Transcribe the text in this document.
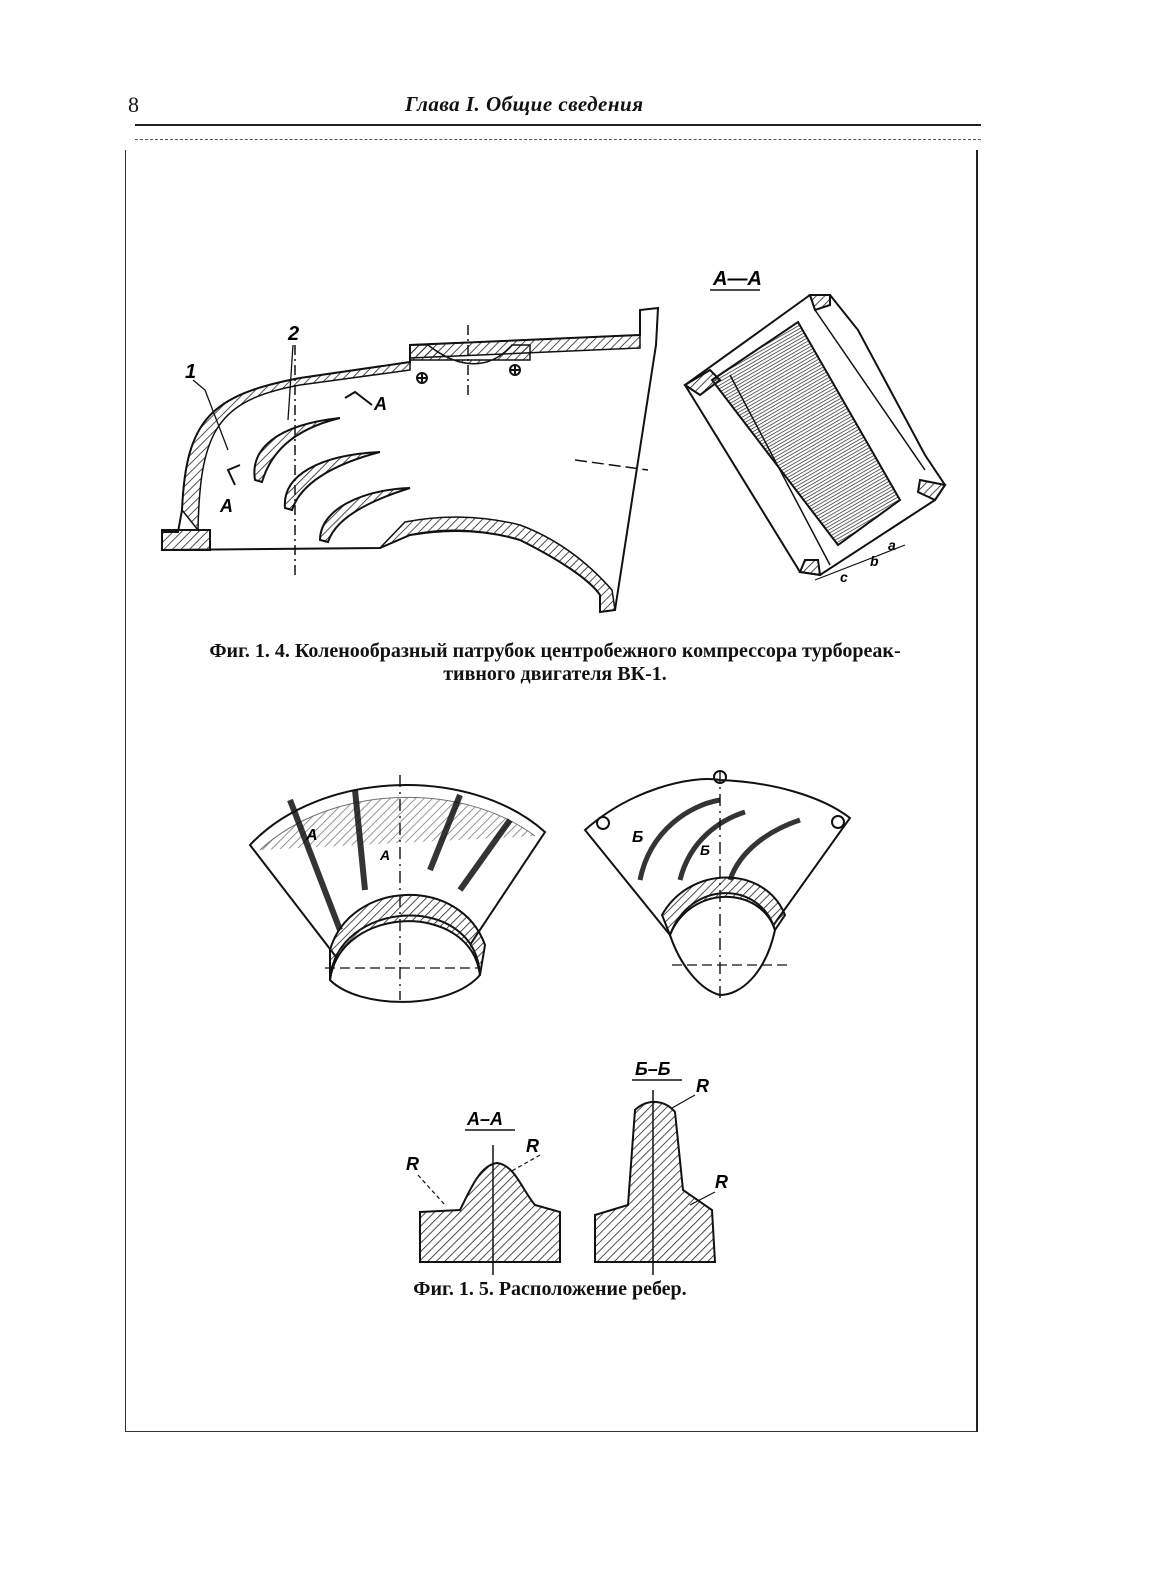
8	Глава I. Общие сведения
1
2
A
A
А—А
a
b
c
A
A
Б
Б
А–А
R
R
Б–Б
R
R
Фиг. 1. 4. Коленообразный патрубок центробежного компрессора турбореак-
тивного двигателя ВК-1.
Фиг. 1. 5. Расположение ребер.
